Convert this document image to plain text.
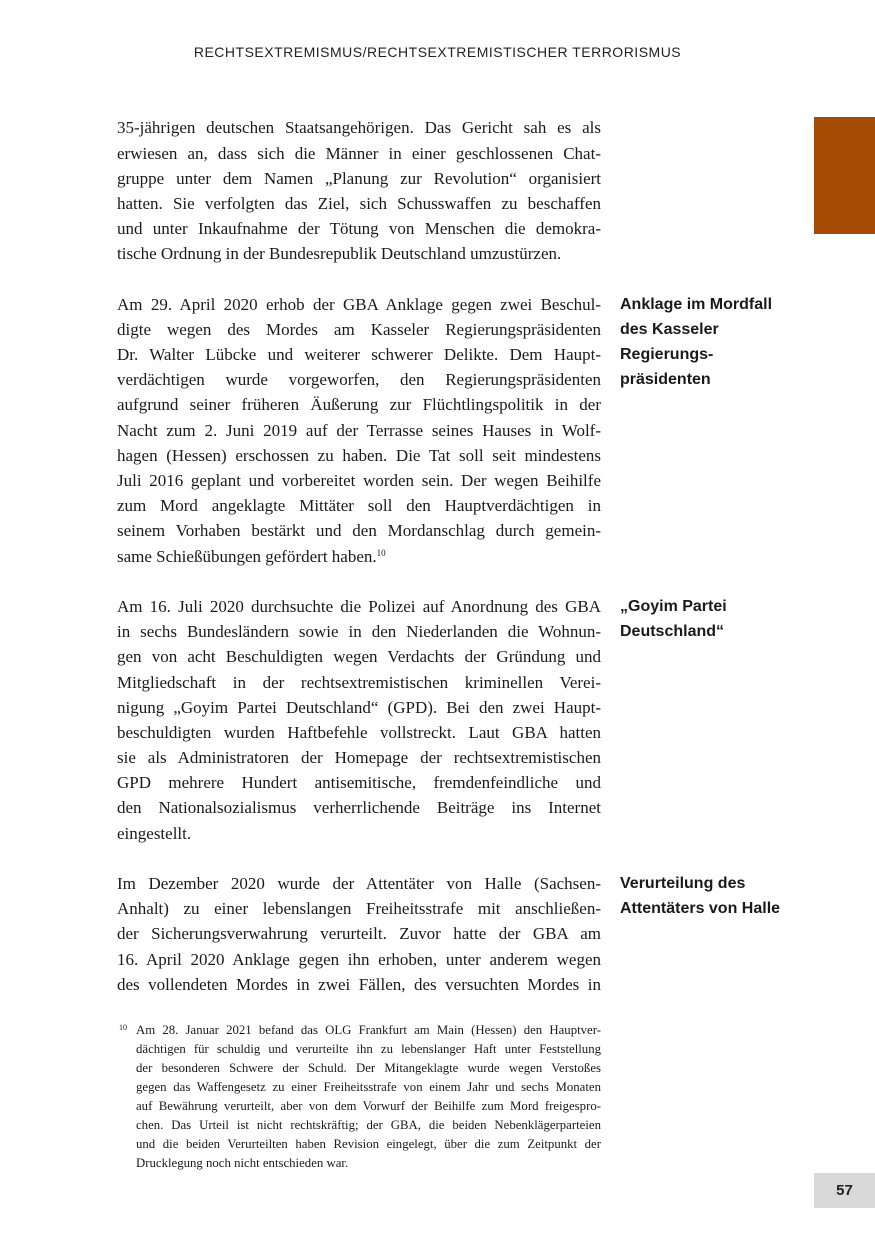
RECHTSEXTREMISMUS/RECHTSEXTREMISTISCHER TERRORISMUS
35-jährigen deutschen Staatsangehörigen. Das Gericht sah es als
erwiesen an, dass sich die Männer in einer geschlossenen Chat-
gruppe unter dem Namen „Planung zur Revolution“ organisiert
hatten. Sie verfolgten das Ziel, sich Schusswaffen zu beschaffen
und unter Inkaufnahme der Tötung von Menschen die demokra-
tische Ordnung in der Bundesrepublik Deutschland umzustürzen.
Am 29. April 2020 erhob der GBA Anklage gegen zwei Beschul-
digte wegen des Mordes am Kasseler Regierungspräsidenten
Dr. Walter Lübcke und weiterer schwerer Delikte. Dem Haupt-
verdächtigen wurde vorgeworfen, den Regierungspräsidenten
aufgrund seiner früheren Äußerung zur Flüchtlingspolitik in der
Nacht zum 2. Juni 2019 auf der Terrasse seines Hauses in Wolf-
hagen (Hessen) erschossen zu haben. Die Tat soll seit mindestens
Juli 2016 geplant und vorbereitet worden sein. Der wegen Beihilfe
zum Mord angeklagte Mittäter soll den Hauptverdächtigen in
seinem Vorhaben bestärkt und den Mordanschlag durch gemein-
same Schießübungen gefördert haben.$^{10}$
Anklage im Mordfall
des Kasseler
Regierungs-
präsidenten
Am 16. Juli 2020 durchsuchte die Polizei auf Anordnung des GBA
in sechs Bundesländern sowie in den Niederlanden die Wohnun-
gen von acht Beschuldigten wegen Verdachts der Gründung und
Mitgliedschaft in der rechtsextremistischen kriminellen Verei-
nigung „Goyim Partei Deutschland“ (GPD). Bei den zwei Haupt-
beschuldigten wurden Haftbefehle vollstreckt. Laut GBA hatten
sie als Administratoren der Homepage der rechtsextremistischen
GPD mehrere Hundert antisemitische, fremdenfeindliche und
den Nationalsozialismus verherrlichende Beiträge ins Internet
eingestellt.
„Goyim Partei
Deutschland“
Im Dezember 2020 wurde der Attentäter von Halle (Sachsen-
Anhalt) zu einer lebenslangen Freiheitsstrafe mit anschließen-
der Sicherungsverwahrung verurteilt. Zuvor hatte der GBA am
16. April 2020 Anklage gegen ihn erhoben, unter anderem wegen
des vollendeten Mordes in zwei Fällen, des versuchten Mordes in
Verurteilung des
Attentäters von Halle
10 Am 28. Januar 2021 befand das OLG Frankfurt am Main (Hessen) den Hauptver-
dächtigen für schuldig und verurteilte ihn zu lebenslanger Haft unter Feststellung
der besonderen Schwere der Schuld. Der Mitangeklagte wurde wegen Verstoßes
gegen das Waffengesetz zu einer Freiheitsstrafe von einem Jahr und sechs Monaten
auf Bewährung verurteilt, aber von dem Vorwurf der Beihilfe zum Mord freigespro-
chen. Das Urteil ist nicht rechtskräftig; der GBA, die beiden Nebenklägerparteien
und die beiden Verurteilten haben Revision eingelegt, über die zum Zeitpunkt der
Drucklegung noch nicht entschieden war.
57
